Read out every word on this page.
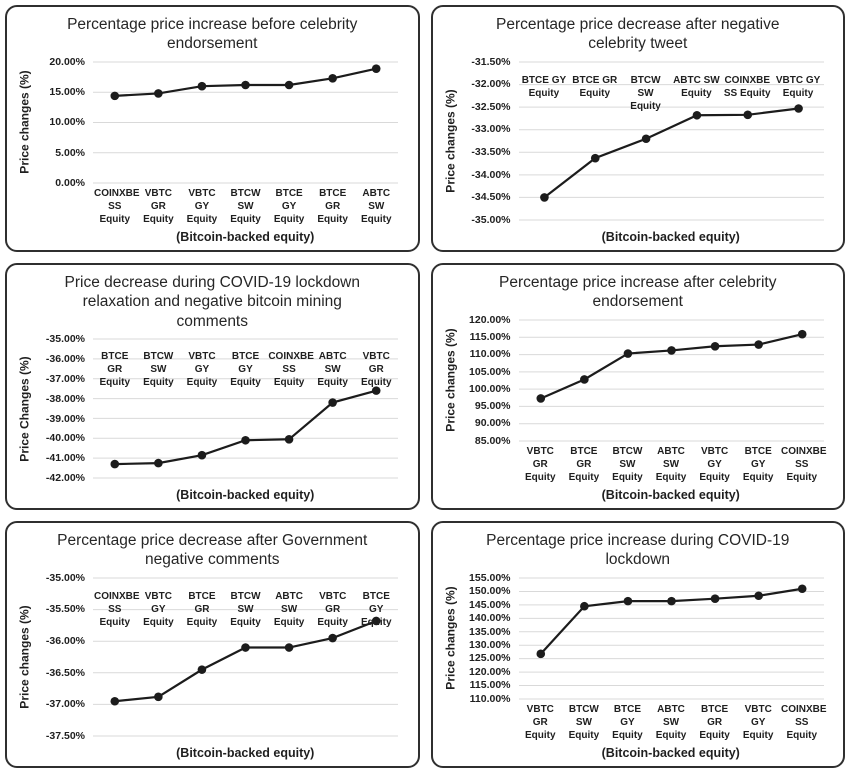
Percentage price increase before celebrity endorsement
Price changes (%)
20.00%
15.00%
10.00%
5.00%
0.00%
COINXBE SS Equity
VBTC GR Equity
VBTC GY Equity
BTCW SW Equity
BTCE GY Equity
BTCE GR Equity
ABTC SW Equity
(Bitcoin-backed equity)
Percentage price decrease after negative celebrity tweet
Price changes (%)
-31.50%
-32.00%
-32.50%
-33.00%
-33.50%
-34.00%
-34.50%
-35.00%
BTCE GY Equity
BTCE GR Equity
BTCW SW Equity
ABTC SW Equity
COINXBE SS Equity
VBTC GY Equity
(Bitcoin-backed equity)
Price decrease during COVID-19 lockdown relaxation and negative bitcoin mining comments
Price Changes (%)
-35.00%
-36.00%
-37.00%
-38.00%
-39.00%
-40.00%
-41.00%
-42.00%
BTCE GR Equity
BTCW SW Equity
VBTC GY Equity
BTCE GY Equity
COINXBE SS Equity
ABTC SW Equity
VBTC GR Equity
(Bitcoin-backed equity)
Percentage price increase after celebrity endorsement
Price changes (%)
120.00%
115.00%
110.00%
105.00%
100.00%
95.00%
90.00%
85.00%
VBTC GR Equity
BTCE GR Equity
BTCW SW Equity
ABTC SW Equity
VBTC GY Equity
BTCE GY Equity
COINXBE SS Equity
(Bitcoin-backed equity)
Percentage price decrease after Government negative comments
Price changes (%)
-35.00%
-35.50%
-36.00%
-36.50%
-37.00%
-37.50%
COINXBE SS Equity
VBTC GY Equity
BTCE GR Equity
BTCW SW Equity
ABTC SW Equity
VBTC GR Equity
BTCE GY Equity
(Bitcoin-backed equity)
Percentage price increase during COVID-19 lockdown
Price changes (%)
155.00%
150.00%
145.00%
140.00%
135.00%
130.00%
125.00%
120.00%
115.00%
110.00%
VBTC GR Equity
BTCW SW Equity
BTCE GY Equity
ABTC SW Equity
BTCE GR Equity
VBTC GY Equity
COINXBE SS Equity
(Bitcoin-backed equity)
